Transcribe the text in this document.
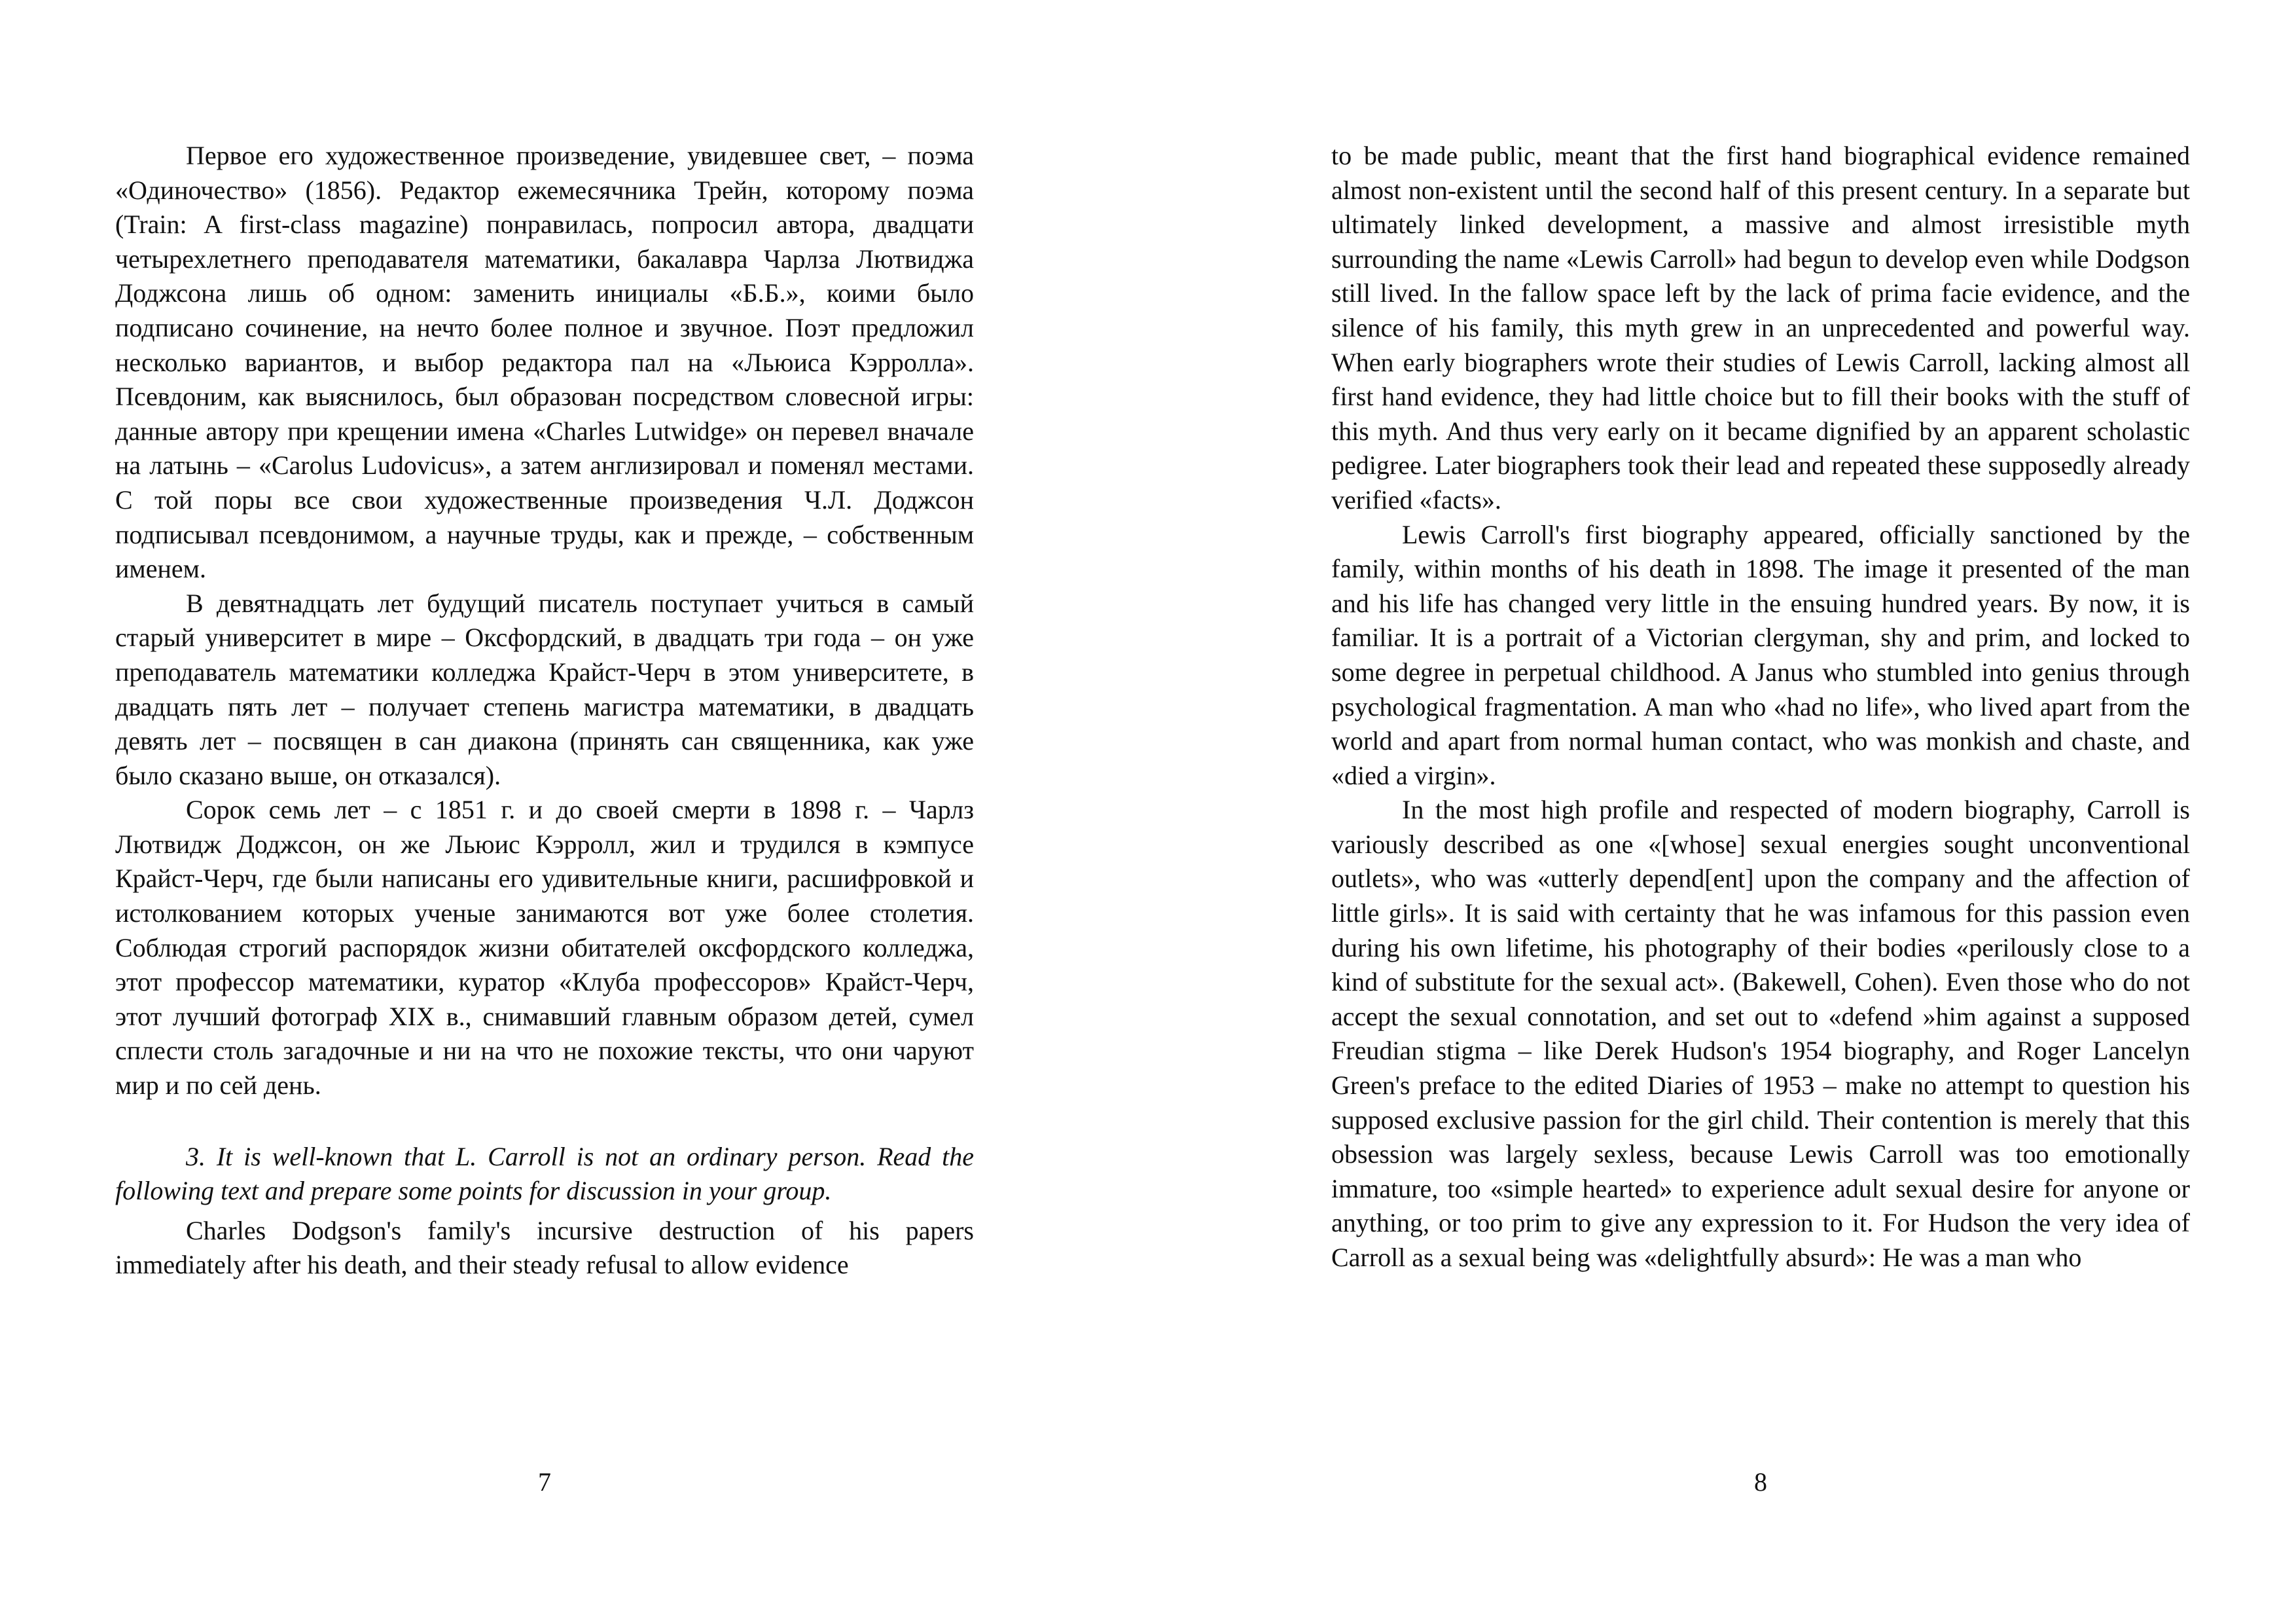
Первое его художественное произведение, увидевшее свет, – поэма «Одиночество» (1856). Редактор ежемесячника Трейн, которому поэма (Train: A first-class magazine) понравилась, попросил автора, двадцати четырехлетнего преподавателя математики, бакалавра Чарлза Лютвиджа Доджсона лишь об одном: заменить инициалы «Б.Б.», коими было подписано сочинение, на нечто более полное и звучное. Поэт предложил несколько вариантов, и выбор редактора пал на «Льюиса Кэрролла». Псевдоним, как выяснилось, был образован посредством словесной игры: данные автору при крещении имена «Charles Lutwidge» он перевел вначале на латынь – «Carolus Ludovicus», а затем англизировал и поменял местами. С той поры все свои художественные произведения Ч.Л. Доджсон подписывал псевдонимом, а научные труды, как и прежде, – собственным именем.

В девятнадцать лет будущий писатель поступает учиться в самый старый университет в мире – Оксфордский, в двадцать три года – он уже преподаватель математики колледжа Крайст-Черч в этом университете, в двадцать пять лет – получает степень магистра математики, в двадцать девять лет – посвящен в сан диакона (принять сан священника, как уже было сказано выше, он отказался).

Сорок семь лет – с 1851 г. и до своей смерти в 1898 г. – Чарлз Лютвидж Доджсон, он же Льюис Кэрролл, жил и трудился в кэмпусе Крайст-Черч, где были написаны его удивительные книги, расшифровкой и истолкованием которых ученые занимаются вот уже более столетия. Соблюдая строгий распорядок жизни обитателей оксфордского колледжа, этот профессор математики, куратор «Клуба профессоров» Крайст-Черч, этот лучший фотограф XIX в., снимавший главным образом детей, сумел сплести столь загадочные и ни на что не похожие тексты, что они чаруют мир и по сей день.

3. It is well-known that L. Carroll is not an ordinary person. Read the following text and prepare some points for discussion in your group.

Charles Dodgson's family's incursive destruction of his papers immediately after his death, and their steady refusal to allow evidence

7

to be made public, meant that the first hand biographical evidence remained almost non-existent until the second half of this present century. In a separate but ultimately linked development, a massive and almost irresistible myth surrounding the name «Lewis Carroll» had begun to develop even while Dodgson still lived. In the fallow space left by the lack of prima facie evidence, and the silence of his family, this myth grew in an unprecedented and powerful way. When early biographers wrote their studies of Lewis Carroll, lacking almost all first hand evidence, they had little choice but to fill their books with the stuff of this myth. And thus very early on it became dignified by an apparent scholastic pedigree. Later biographers took their lead and repeated these supposedly already verified «facts».

Lewis Carroll's first biography appeared, officially sanctioned by the family, within months of his death in 1898. The image it presented of the man and his life has changed very little in the ensuing hundred years. By now, it is familiar. It is a portrait of a Victorian clergyman, shy and prim, and locked to some degree in perpetual childhood. A Janus who stumbled into genius through psychological fragmentation. A man who «had no life», who lived apart from the world and apart from normal human contact, who was monkish and chaste, and «died a virgin».

In the most high profile and respected of modern biography, Carroll is variously described as one «[whose] sexual energies sought unconventional outlets», who was «utterly depend[ent] upon the company and the affection of little girls». It is said with certainty that he was infamous for this passion even during his own lifetime, his photography of their bodies «perilously close to a kind of substitute for the sexual act». (Bakewell, Cohen). Even those who do not accept the sexual connotation, and set out to «defend »him against a supposed Freudian stigma – like Derek Hudson's 1954 biography, and Roger Lancelyn Green's preface to the edited Diaries of 1953 – make no attempt to question his supposed exclusive passion for the girl child. Their contention is merely that this obsession was largely sexless, because Lewis Carroll was too emotionally immature, too «simple hearted» to experience adult sexual desire for anyone or anything, or too prim to give any expression to it. For Hudson the very idea of Carroll as a sexual being was «delightfully absurd»: He was a man who

8
